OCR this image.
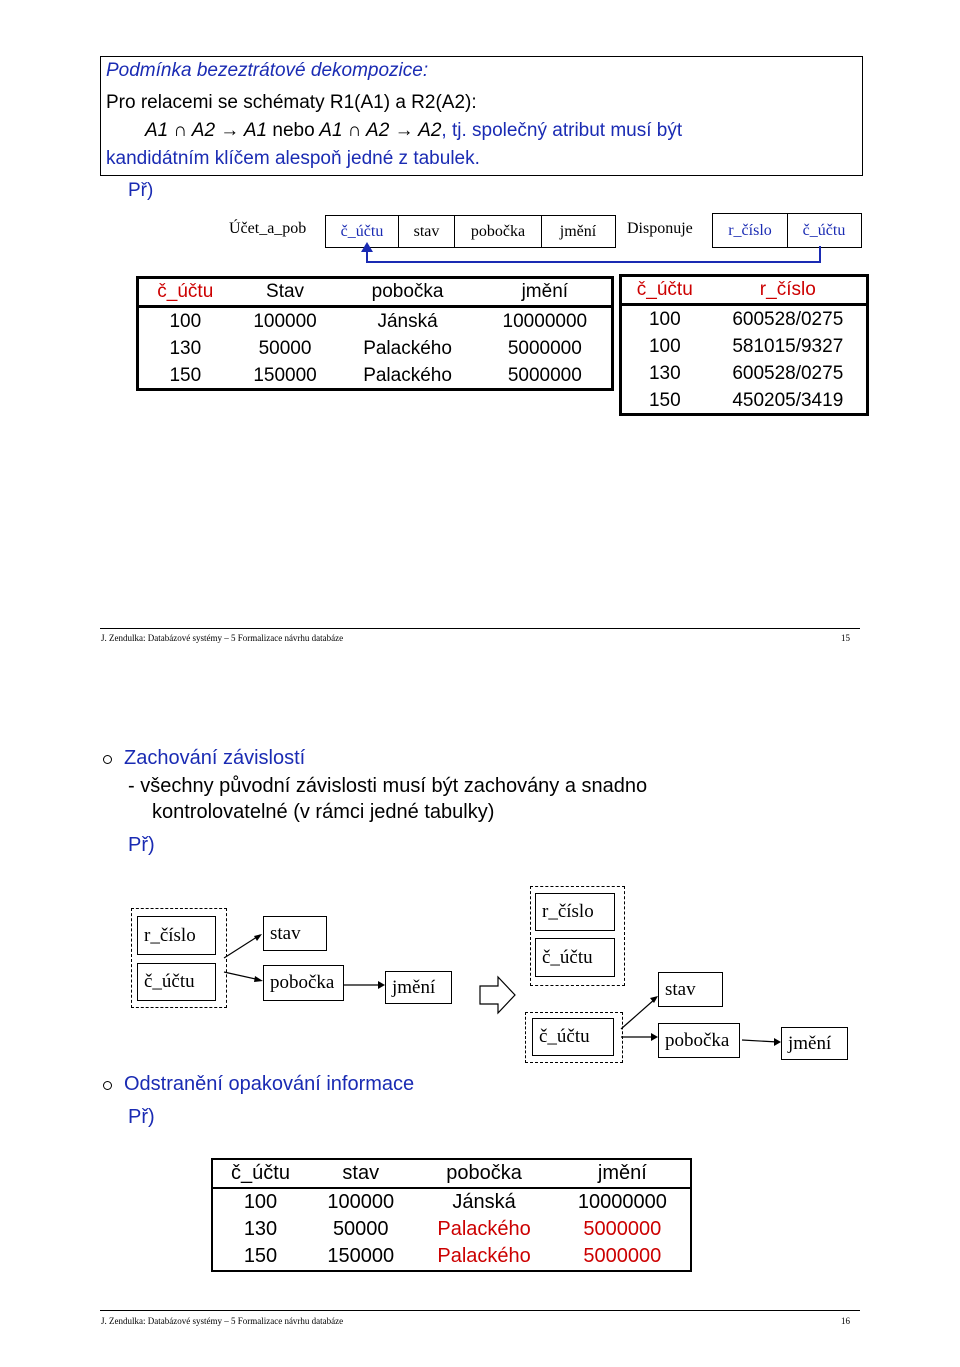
Podmínka bezeztrátové dekompozice:
Pro relacemi se schématy R1(A1) a R2(A2):
A1 ∩ A2 → A1 nebo A1 ∩ A2 → A2, tj. společný atribut musí být
kandidátním klíčem alespoň jedné z tabulek.
Př)
Účet_a_pob	č_účtu	stav	pobočka	jmění	Disponuje	r_číslo	č_účtu
č_účtu	Stav	pobočka	jmění
100	100000	Jánská	10000000
130	50000	Palackého	5000000
150	150000	Palackého	5000000
č_účtu	r_číslo
100	600528/0275
100	581015/9327
130	600528/0275
150	450205/3419
J. Zendulka: Databázové systémy – 5 Formalizace návrhu databáze	15
Zachování závislostí
- všechny původní závislosti musí být zachovány a snadno
kontrolovatelné (v rámci jedné tabulky)
Př)
r_číslo
č_účtu
stav
pobočka	jmění
r_číslo
č_účtu
stav
č_účtu	pobočka	jmění
Odstranění opakování informace
Př)
č_účtu	stav	pobočka	jmění
100	100000	Jánská	10000000
130	50000	Palackého	5000000
150	150000	Palackého	5000000
J. Zendulka: Databázové systémy – 5 Formalizace návrhu databáze	16
